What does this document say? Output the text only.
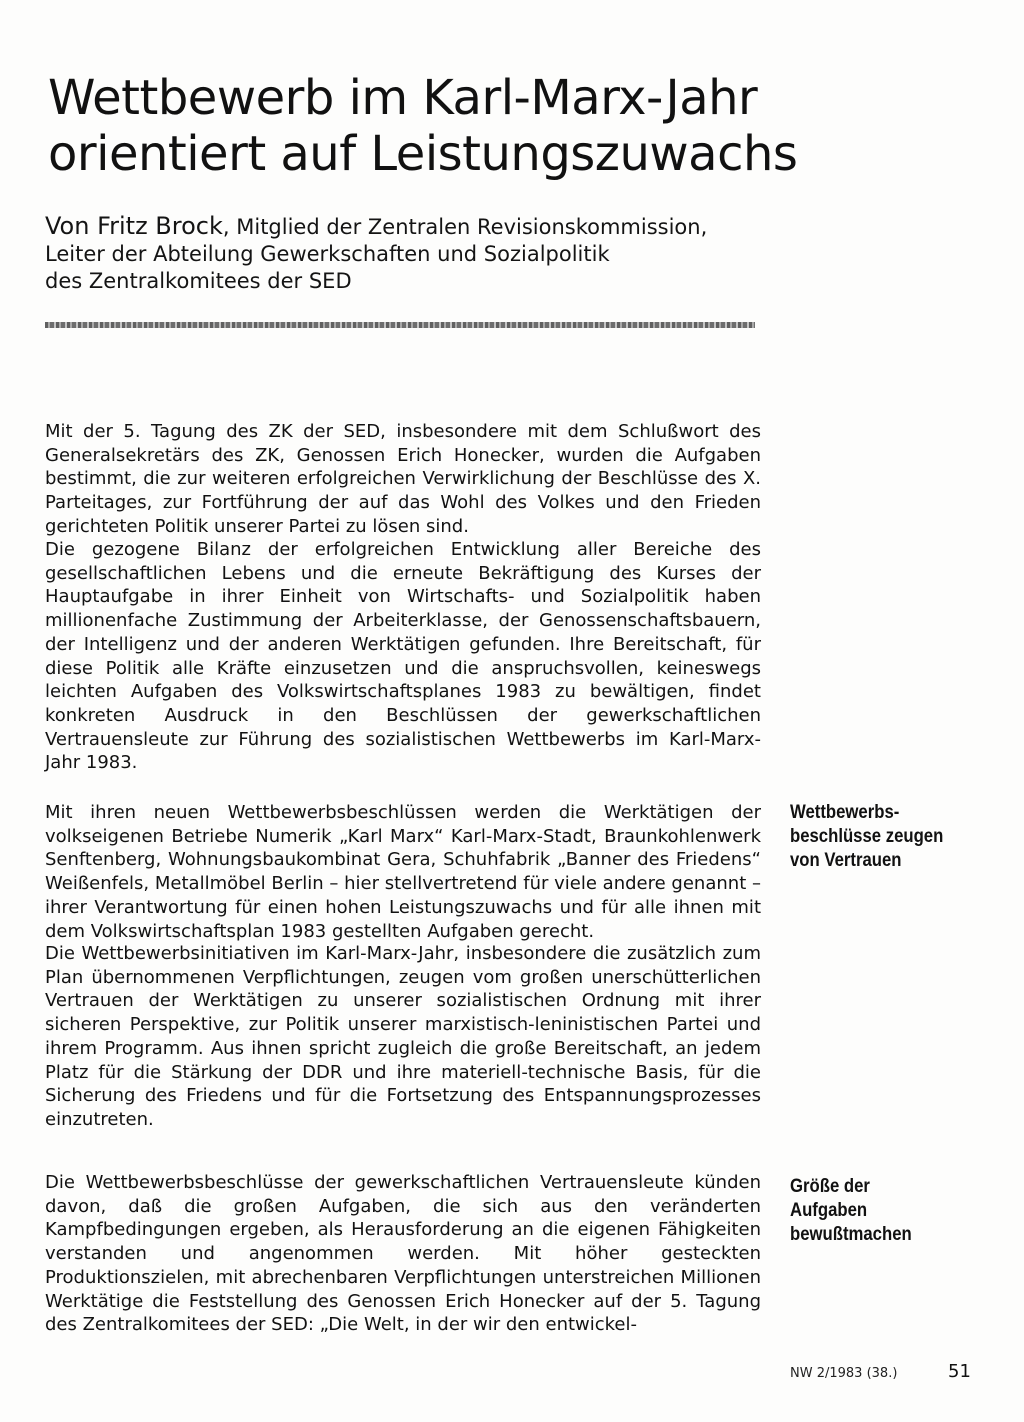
Wettbewerb im Karl-Marx-Jahr
orientiert auf Leistungszuwachs
Von Fritz Brock, Mitglied der Zentralen Revisionskommission,
Leiter der Abteilung Gewerkschaften und Sozialpolitik
des Zentralkomitees der SED

Mit der 5. Tagung des ZK der SED, insbesondere mit dem Schlußwort des Generalsekretärs des ZK, Genossen Erich Honecker, wurden die Aufgaben bestimmt, die zur weiteren erfolgreichen Verwirklichung der Beschlüsse des X. Parteitages, zur Fortführung der auf das Wohl des Volkes und den Frieden gerichteten Politik unserer Partei zu lösen sind.

Die gezogene Bilanz der erfolgreichen Entwicklung aller Bereiche des gesellschaftlichen Lebens und die erneute Bekräftigung des Kurses der Hauptaufgabe in ihrer Einheit von Wirtschafts- und Sozialpolitik haben millionenfache Zustimmung der Arbeiterklasse, der Genossenschaftsbauern, der Intelligenz und der anderen Werktätigen gefunden. Ihre Bereitschaft, für diese Politik alle Kräfte einzusetzen und die anspruchsvollen, keineswegs leichten Aufgaben des Volkswirtschaftsplanes 1983 zu bewältigen, findet konkreten Ausdruck in den Beschlüssen der gewerkschaftlichen Vertrauensleute zur Führung des sozialistischen Wettbewerbs im Karl-Marx-Jahr 1983.

Mit ihren neuen Wettbewerbsbeschlüssen werden die Werktätigen der volkseigenen Betriebe Numerik „Karl Marx“ Karl-Marx-Stadt, Braunkohlenwerk Senftenberg, Wohnungsbaukombinat Gera, Schuhfabrik „Banner des Friedens“ Weißenfels, Metallmöbel Berlin – hier stellvertretend für viele andere genannt – ihrer Verantwortung für einen hohen Leistungszuwachs und für alle ihnen mit dem Volkswirtschaftsplan 1983 gestellten Aufgaben gerecht.

Die Wettbewerbsinitiativen im Karl-Marx-Jahr, insbesondere die zusätzlich zum Plan übernommenen Verpflichtungen, zeugen vom großen unerschütterlichen Vertrauen der Werktätigen zu unserer sozialistischen Ordnung mit ihrer sicheren Perspektive, zur Politik unserer marxistisch-leninistischen Partei und ihrem Programm. Aus ihnen spricht zugleich die große Bereitschaft, an jedem Platz für die Stärkung der DDR und ihre materiell-technische Basis, für die Sicherung des Friedens und für die Fortsetzung des Entspannungsprozesses einzutreten.

Die Wettbewerbsbeschlüsse der gewerkschaftlichen Vertrauensleute künden davon, daß die großen Aufgaben, die sich aus den veränderten Kampfbedingungen ergeben, als Herausforderung an die eigenen Fähigkeiten verstanden und angenommen werden. Mit höher gesteckten Produktionszielen, mit abrechenbaren Verpflichtungen unterstreichen Millionen Werktätige die Feststellung des Genossen Erich Honecker auf der 5. Tagung des Zentralkomitees der SED: „Die Welt, in der wir den entwickel-

Wettbewerbs-
beschlüsse zeugen
von Vertrauen
Größe der
Aufgaben
bewußtmachen
NW 2/1983 (38.)	51
